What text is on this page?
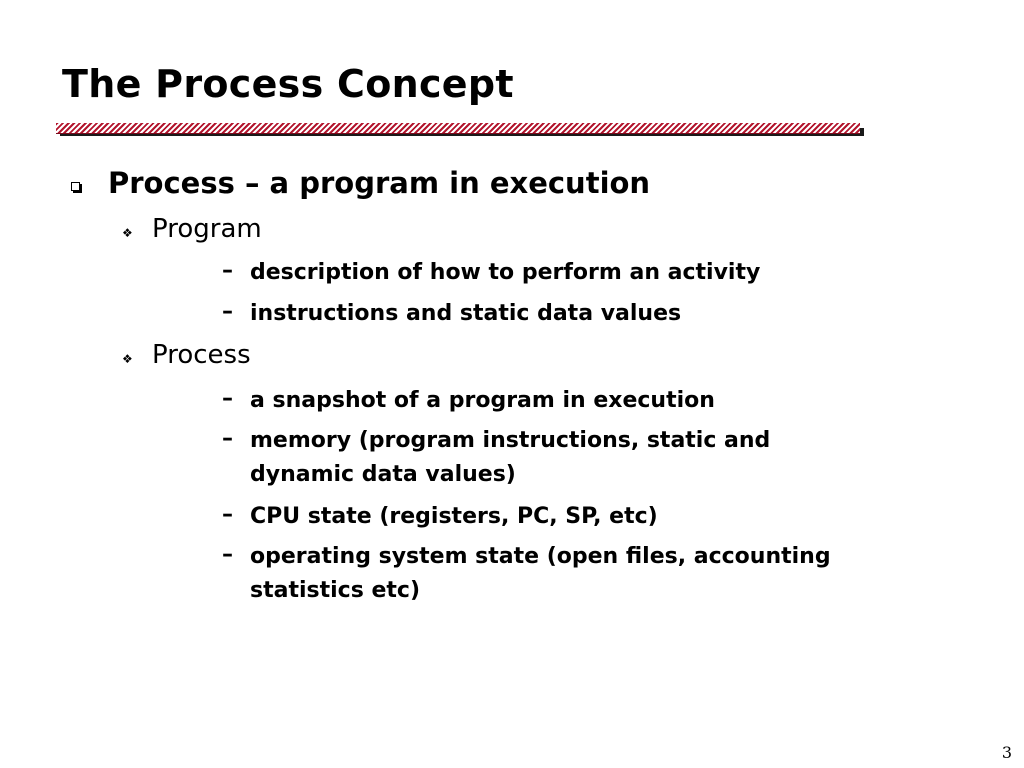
The Process Concept
Process – a program in execution
❖ Program
– description of how to perform an activity
– instructions and static data values
❖ Process
– a snapshot of a program in execution
– memory (program instructions, static and dynamic data values)
– CPU state (registers, PC, SP, etc)
– operating system state (open files, accounting statistics etc)
3
